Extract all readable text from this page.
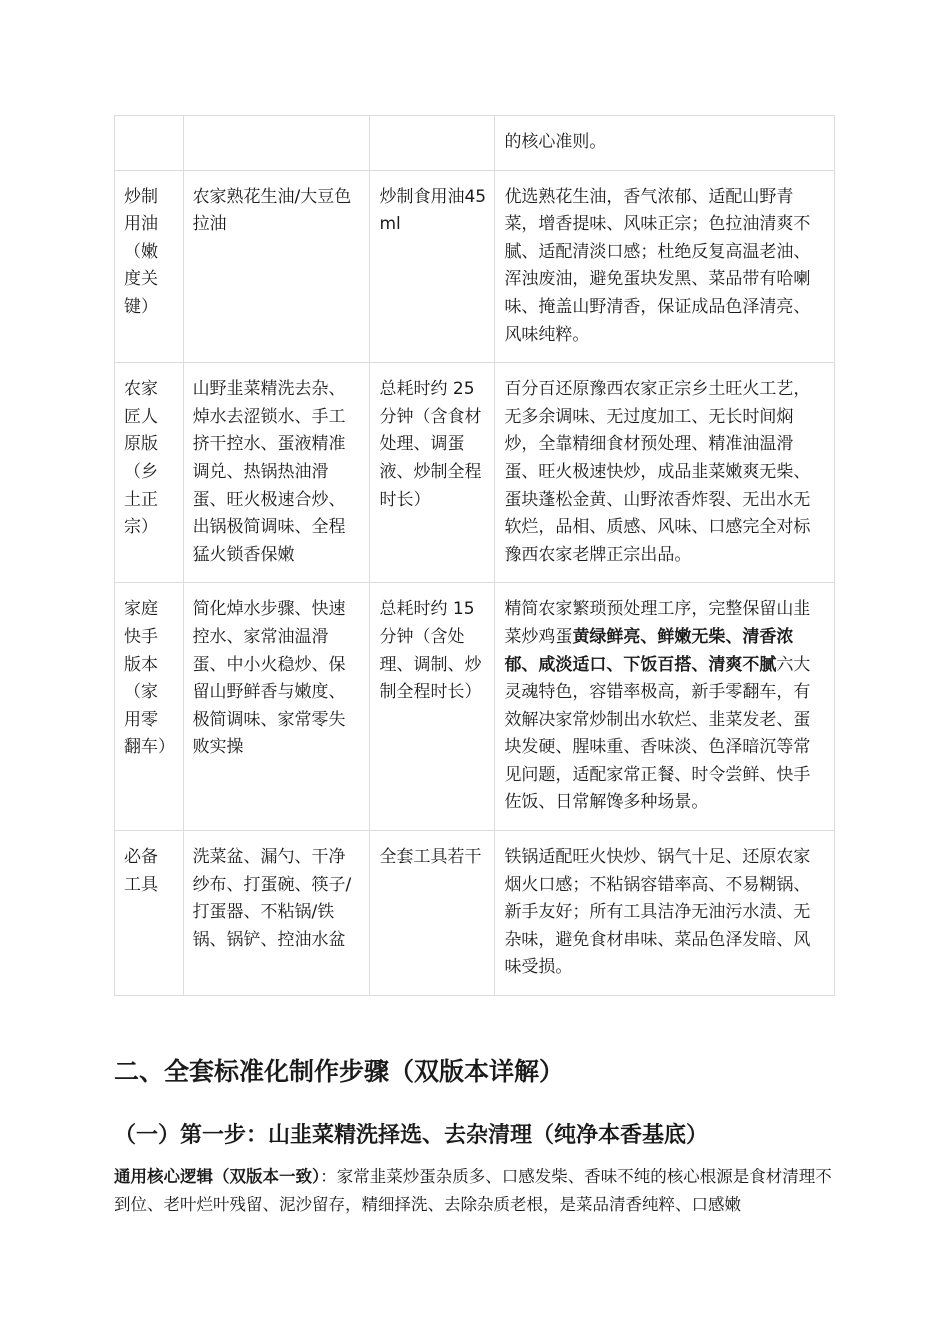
			的核心准则。
炒制用油（嫩度关键）	农家熟花生油/大豆色拉油	炒制食用油45ml	优选熟花生油，香气浓郁、适配山野青菜，增香提味、风味正宗；色拉油清爽不腻、适配清淡口感；杜绝反复高温老油、浑浊废油，避免蛋块发黑、菜品带有哈喇味、掩盖山野清香，保证成品色泽清亮、风味纯粹。
农家匠人原版（乡土正宗）	山野韭菜精洗去杂、焯水去涩锁水、手工挤干控水、蛋液精准调兑、热锅热油滑蛋、旺火极速合炒、出锅极简调味、全程猛火锁香保嫩	总耗时约 25 分钟（含食材处理、调蛋液、炒制全程时长）	百分百还原豫西农家正宗乡土旺火工艺，无多余调味、无过度加工、无长时间焖炒，全靠精细食材预处理、精准油温滑蛋、旺火极速快炒，成品韭菜嫩爽无柴、蛋块蓬松金黄、山野浓香炸裂、无出水无软烂，品相、质感、风味、口感完全对标豫西农家老牌正宗出品。
家庭快手版本（家用零翻车）	简化焯水步骤、快速控水、家常油温滑蛋、中小火稳炒、保留山野鲜香与嫩度、极简调味、家常零失败实操	总耗时约 15 分钟（含处理、调制、炒制全程时长）	精简农家繁琐预处理工序，完整保留山韭菜炒鸡蛋黄绿鲜亮、鲜嫩无柴、清香浓郁、咸淡适口、下饭百搭、清爽不腻六大灵魂特色，容错率极高，新手零翻车，有效解决家常炒制出水软烂、韭菜发老、蛋块发硬、腥味重、香味淡、色泽暗沉等常见问题，适配家常正餐、时令尝鲜、快手佐饭、日常解馋多种场景。
必备工具	洗菜盆、漏勺、干净纱布、打蛋碗、筷子/打蛋器、不粘锅/铁锅、锅铲、控油水盆	全套工具若干	铁锅适配旺火快炒、锅气十足、还原农家烟火口感；不粘锅容错率高、不易糊锅、新手友好；所有工具洁净无油污水渍、无杂味，避免食材串味、菜品色泽发暗、风味受损。
二、全套标准化制作步骤（双版本详解）
（一）第一步：山韭菜精洗择选、去杂清理（纯净本香基底）

通用核心逻辑（双版本一致）：家常韭菜炒蛋杂质多、口感发柴、香味不纯的核心根源是食材清理不到位、老叶烂叶残留、泥沙留存，精细择洗、去除杂质老根，是菜品清香纯粹、口感嫩
